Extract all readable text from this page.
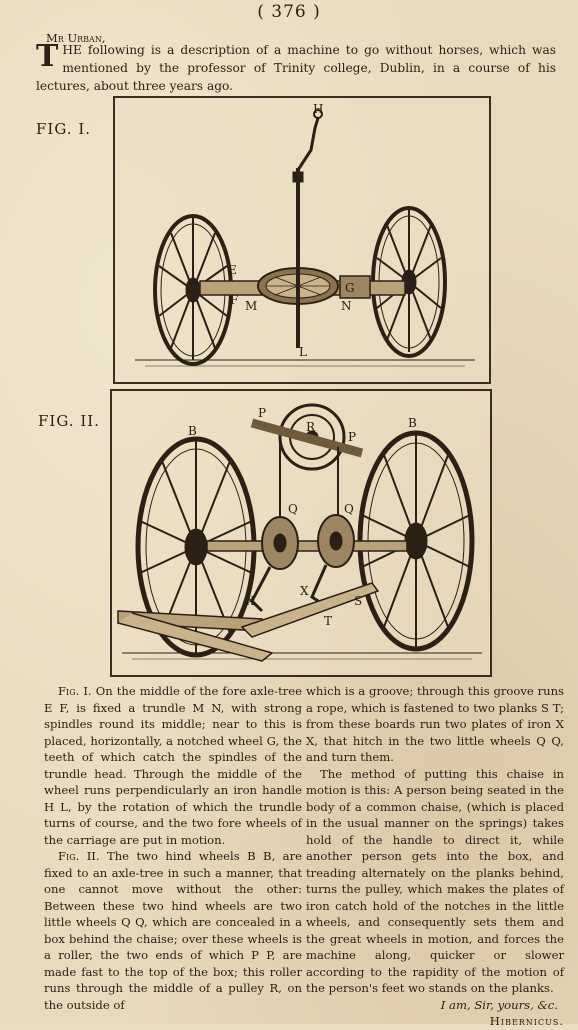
( 376 )
Mr Urban,
THE following is a description of a machine to go without horses, which was mentioned by the professor of Trinity college, Dublin, in a course of his lectures, about three years ago.
FIG. I.
H
E
F M	N
G
L
FIG. II.	P
R
P
B
B
Q	Q
X
X
S
T

Fig. I. On the middle of the fore axle-tree E F, is fixed a trundle M N, with strong spindles round its middle; near to this is placed, horizontally, a notched wheel G, the teeth of which catch the spindles of the trundle head. Through the middle of the wheel runs perpendicularly an iron handle H L, by the rotation of which the trundle turns of course, and the two fore wheels of the carriage are put in motion.

Fig. II. The two hind wheels B B, are fixed to an axle-tree in such a manner, that one cannot move without the other: Between these two hind wheels are two little wheels Q Q, which are concealed in a box behind the chaise; over these wheels is a roller, the two ends of which P P, are made fast to the top of the box; this roller runs through the middle of a pulley R, on the outside of

which is a groove; through this groove runs a rope, which is fastened to two planks S T; from these boards run two plates of iron X X, that hitch in the two little wheels Q Q, and turn them.

The method of putting this chaise in motion is this: A person being seated in the body of a common chaise, (which is placed in the usual manner on the springs) takes hold of the handle to direct it, while another person gets into the box, and treading alternately on the planks behind, turns the pulley, which makes the plates of iron catch hold of the notches in the little wheels, and consequently sets them and the great wheels in motion, and forces the machine along, quicker or slower according to the rapidity of the motion of the person's feet wo stands on the planks.

I am, Sir, yours, &c.

Hibernicus.
